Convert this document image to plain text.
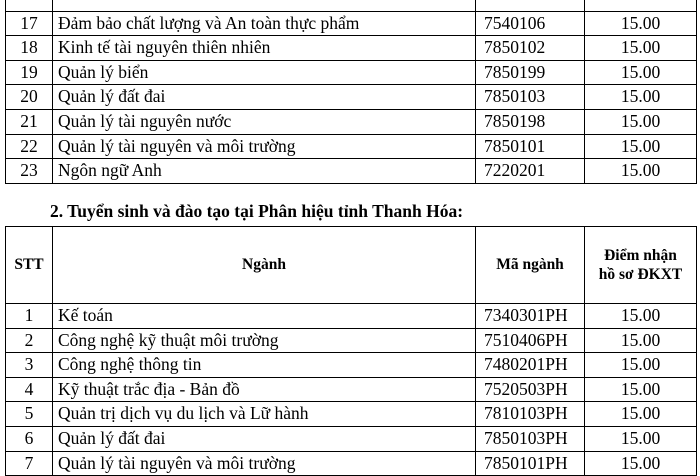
17	Đảm bảo chất lượng và An toàn thực phẩm	7540106	15.00
18	Kinh tế tài nguyên thiên nhiên	7850102	15.00
19	Quản lý biển	7850199	15.00
20	Quản lý đất đai	7850103	15.00
21	Quản lý tài nguyên nước	7850198	15.00
22	Quản lý tài nguyên và môi trường	7850101	15.00
23	Ngôn ngữ Anh	7220201	15.00
2. Tuyển sinh và đào tạo tại Phân hiệu tỉnh Thanh Hóa:
STT	Ngành	Mã ngành	Điểm nhận
hồ sơ ĐKXT
1	Kế toán	7340301PH	15.00
2	Công nghệ kỹ thuật môi trường	7510406PH	15.00
3	Công nghệ thông tin	7480201PH	15.00
4	Kỹ thuật trắc địa - Bản đồ	7520503PH	15.00
5	Quản trị dịch vụ du lịch và Lữ hành	7810103PH	15.00
6	Quản lý đất đai	7850103PH	15.00
7	Quản lý tài nguyên và môi trường	7850101PH	15.00
